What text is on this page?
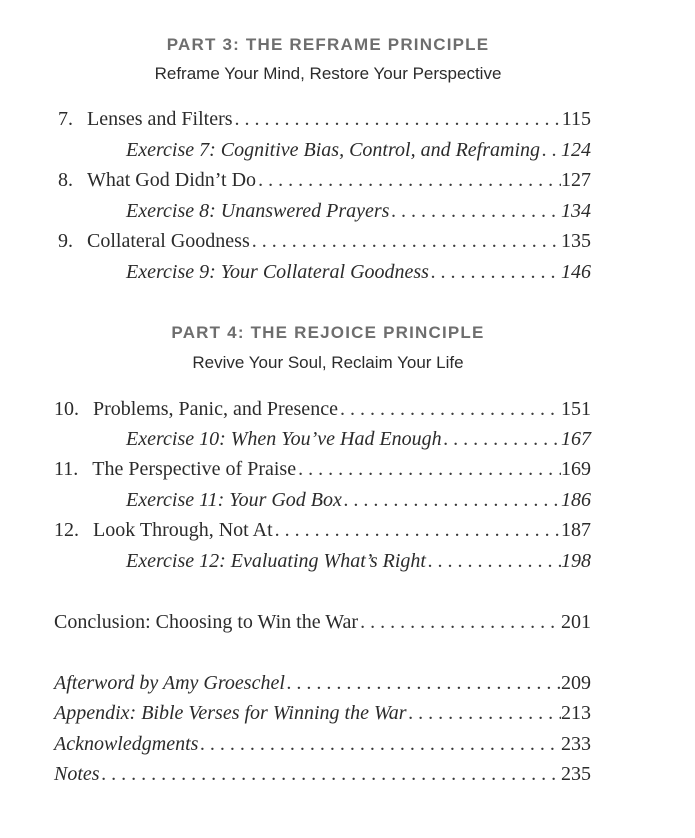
PART 3: THE REFRAME PRINCIPLE
Reframe Your Mind, Restore Your Perspective
7. Lenses and Filters . . .	115
Exercise 7: Cognitive Bias, Control, and Reframing . . . 124
8. What God Didn’t Do . . .	127
Exercise 8: Unanswered Prayers . . .	134
9. Collateral Goodness . . .	135
Exercise 9: Your Collateral Goodness . . .	146
PART 4: THE REJOICE PRINCIPLE
Revive Your Soul, Reclaim Your Life
10. Problems, Panic, and Presence . . .	151
Exercise 10: When You’ve Had Enough . . .	167
11. The Perspective of Praise . . .	169
Exercise 11: Your God Box . . .	186
12. Look Through, Not At . . .	187
Exercise 12: Evaluating What’s Right . . .	198
Conclusion: Choosing to Win the War . . .	201
Afterword by Amy Groeschel . . .	209
Appendix: Bible Verses for Winning the War . . .	213
Acknowledgments . . .	233
Notes . . .	235
